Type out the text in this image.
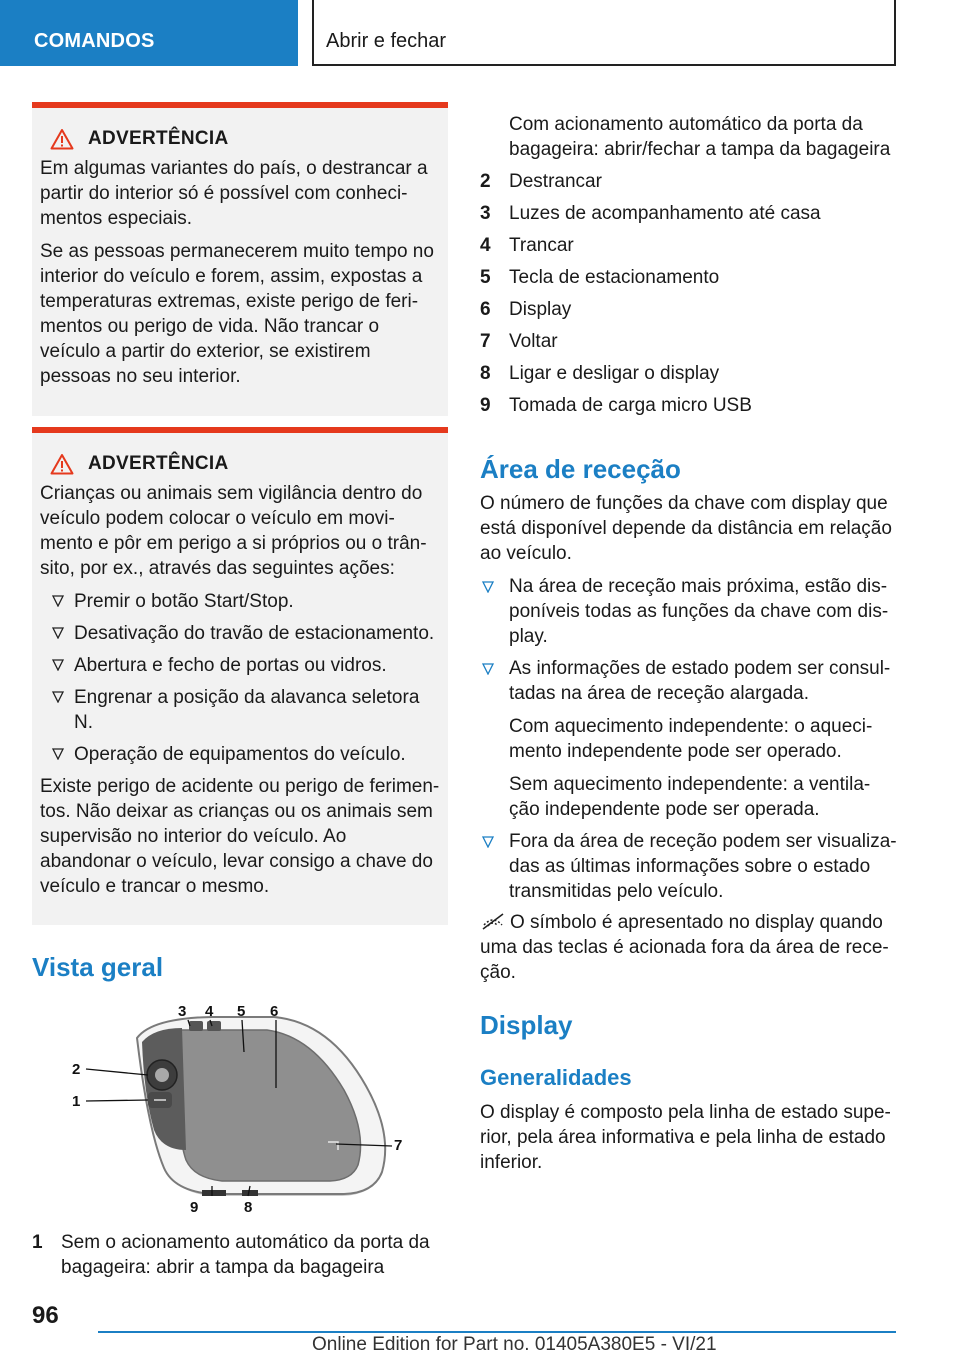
COMANDOS	Abrir e fechar
ADVERTÊNCIA

Em algumas variantes do país, o destrancar a partir do interior só é possível com conheci-mentos especiais.

Se as pessoas permanecerem muito tempo no interior do veículo e forem, assim, expostas a temperaturas extremas, existe perigo de feri-mentos ou perigo de vida. Não trancar o veículo a partir do exterior, se existirem pessoas no seu interior.

ADVERTÊNCIA

Crianças ou animais sem vigilância dentro do veículo podem colocar o veículo em movi-mento e pôr em perigo a si próprios ou o trân-sito, por ex., através das seguintes ações:

Premir o botão Start/Stop.
Desativação do travão de estacionamento.
Abertura e fecho de portas ou vidros.
Engrenar a posição da alavanca seletora N.
Operação de equipamentos do veículo.

Existe perigo de acidente ou perigo de ferimen-tos. Não deixar as crianças ou os animais sem supervisão no interior do veículo. Ao abandonar o veículo, levar consigo a chave do veículo e trancar o mesmo.

Vista geral
1
2
3 4 5 6
7
8
9
1 Sem o acionamento automático da porta da bagageira: abrir a tampa da bagageira
Com acionamento automático da porta da bagageira: abrir/fechar a tampa da bagageira
2 Destrancar
3 Luzes de acompanhamento até casa
4 Trancar
5 Tecla de estacionamento
6 Display
7 Voltar
8 Ligar e desligar o display
9 Tomada de carga micro USB
Área de receção
O número de funções da chave com display que está disponível depende da distância em relação ao veículo.
Na área de receção mais próxima, estão dis-poníveis todas as funções da chave com dis-play.
As informações de estado podem ser consul-tadas na área de receção alargada.

Com aquecimento independente: o aqueci-mento independente pode ser operado.

Sem aquecimento independente: a ventila-ção independente pode ser operada.

Fora da área de receção podem ser visualiza-das as últimas informações sobre o estado transmitidas pelo veículo.
O símbolo é apresentado no display quando uma das teclas é acionada fora da área de rece-ção.
Display
Generalidades
O display é composto pela linha de estado supe-rior, pela área informativa e pela linha de estado inferior.
96
Online Edition for Part no. 01405A380E5 - VI/21
